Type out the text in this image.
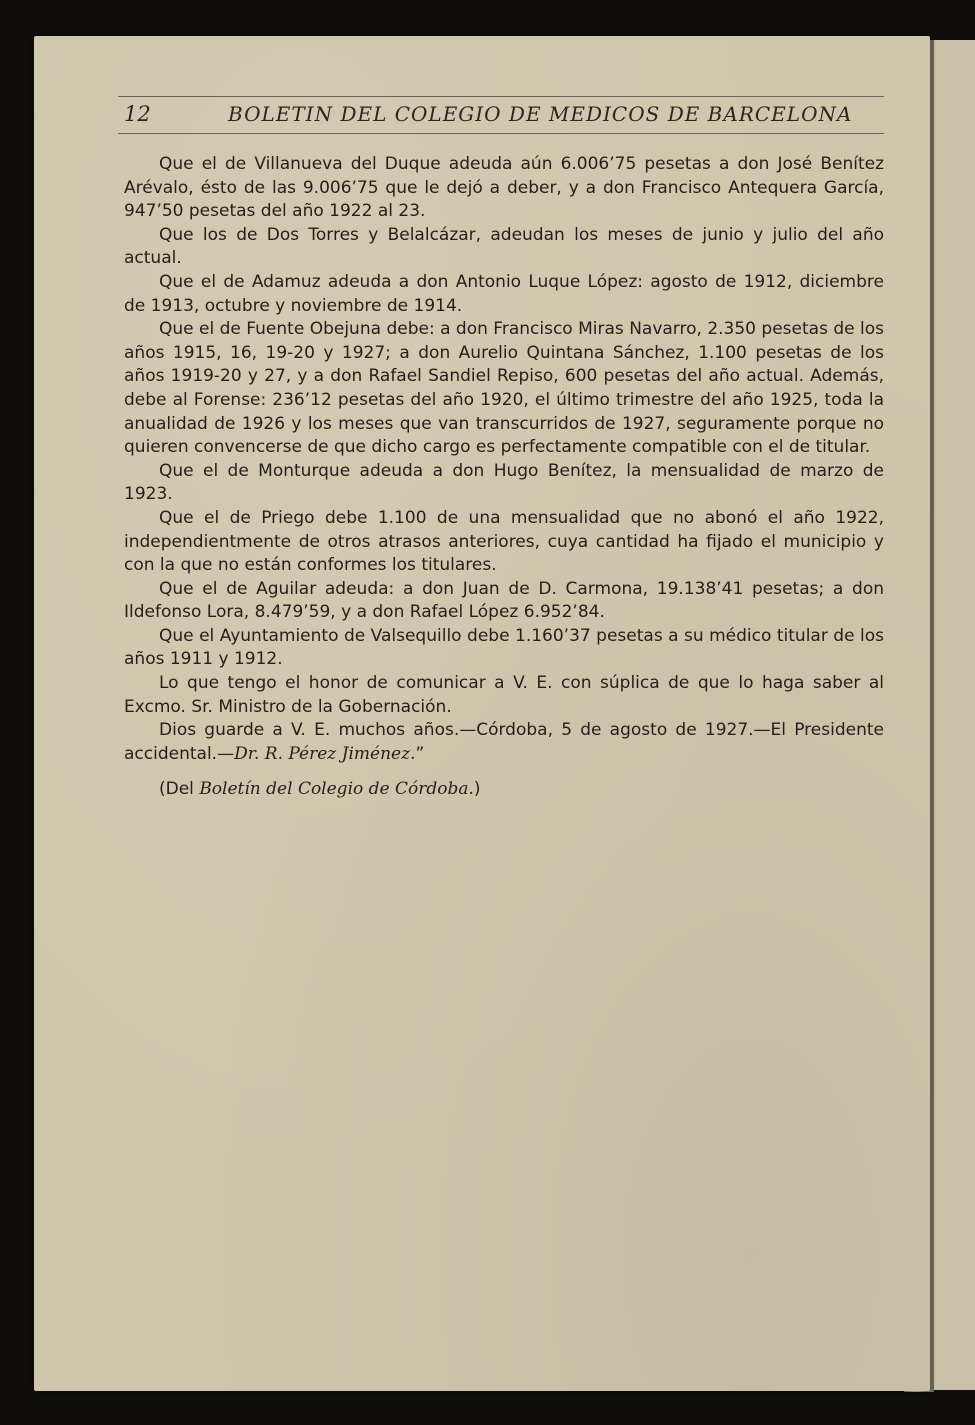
12	BOLETIN DEL COLEGIO DE MEDICOS DE BARCELONA

Que el de Villanueva del Duque adeuda aún 6.006’75 pesetas a don José Benítez Arévalo, ésto de las 9.006’75 que le dejó a deber, y a don Francisco Antequera García, 947’50 pesetas del año 1922 al 23.

Que los de Dos Torres y Belalcázar, adeudan los meses de junio y julio del año actual.

Que el de Adamuz adeuda a don Antonio Luque López: agosto de 1912, diciembre de 1913, octubre y noviembre de 1914.

Que el de Fuente Obejuna debe: a don Francisco Miras Navarro, 2.350 pesetas de los años 1915, 16, 19-20 y 1927; a don Aurelio Quintana Sánchez, 1.100 pesetas de los años 1919-20 y 27, y a don Rafael Sandiel Repiso, 600 pesetas del año actual. Además, debe al Forense: 236’12 pesetas del año 1920, el último trimestre del año 1925, toda la anualidad de 1926 y los meses que van transcurridos de 1927, seguramente porque no quieren convencerse de que dicho cargo es perfectamente compatible con el de titular.

Que el de Monturque adeuda a don Hugo Benítez, la mensualidad de marzo de 1923.

Que el de Priego debe 1.100 de una mensualidad que no abonó el año 1922, independientmente de otros atrasos anteriores, cuya cantidad ha fijado el municipio y con la que no están conformes los titulares.

Que el de Aguilar adeuda: a don Juan de D. Carmona, 19.138’41 pesetas; a don Ildefonso Lora, 8.479’59, y a don Rafael López 6.952’84.

Que el Ayuntamiento de Valsequillo debe 1.160’37 pesetas a su médico titular de los años 1911 y 1912.

Lo que tengo el honor de comunicar a V. E. con súplica de que lo haga saber al Excmo. Sr. Ministro de la Gobernación.

Dios guarde a V. E. muchos años.—Córdoba, 5 de agosto de 1927.—El Presidente accidental.—Dr. R. Pérez Jiménez.”

(Del Boletín del Colegio de Córdoba.)
